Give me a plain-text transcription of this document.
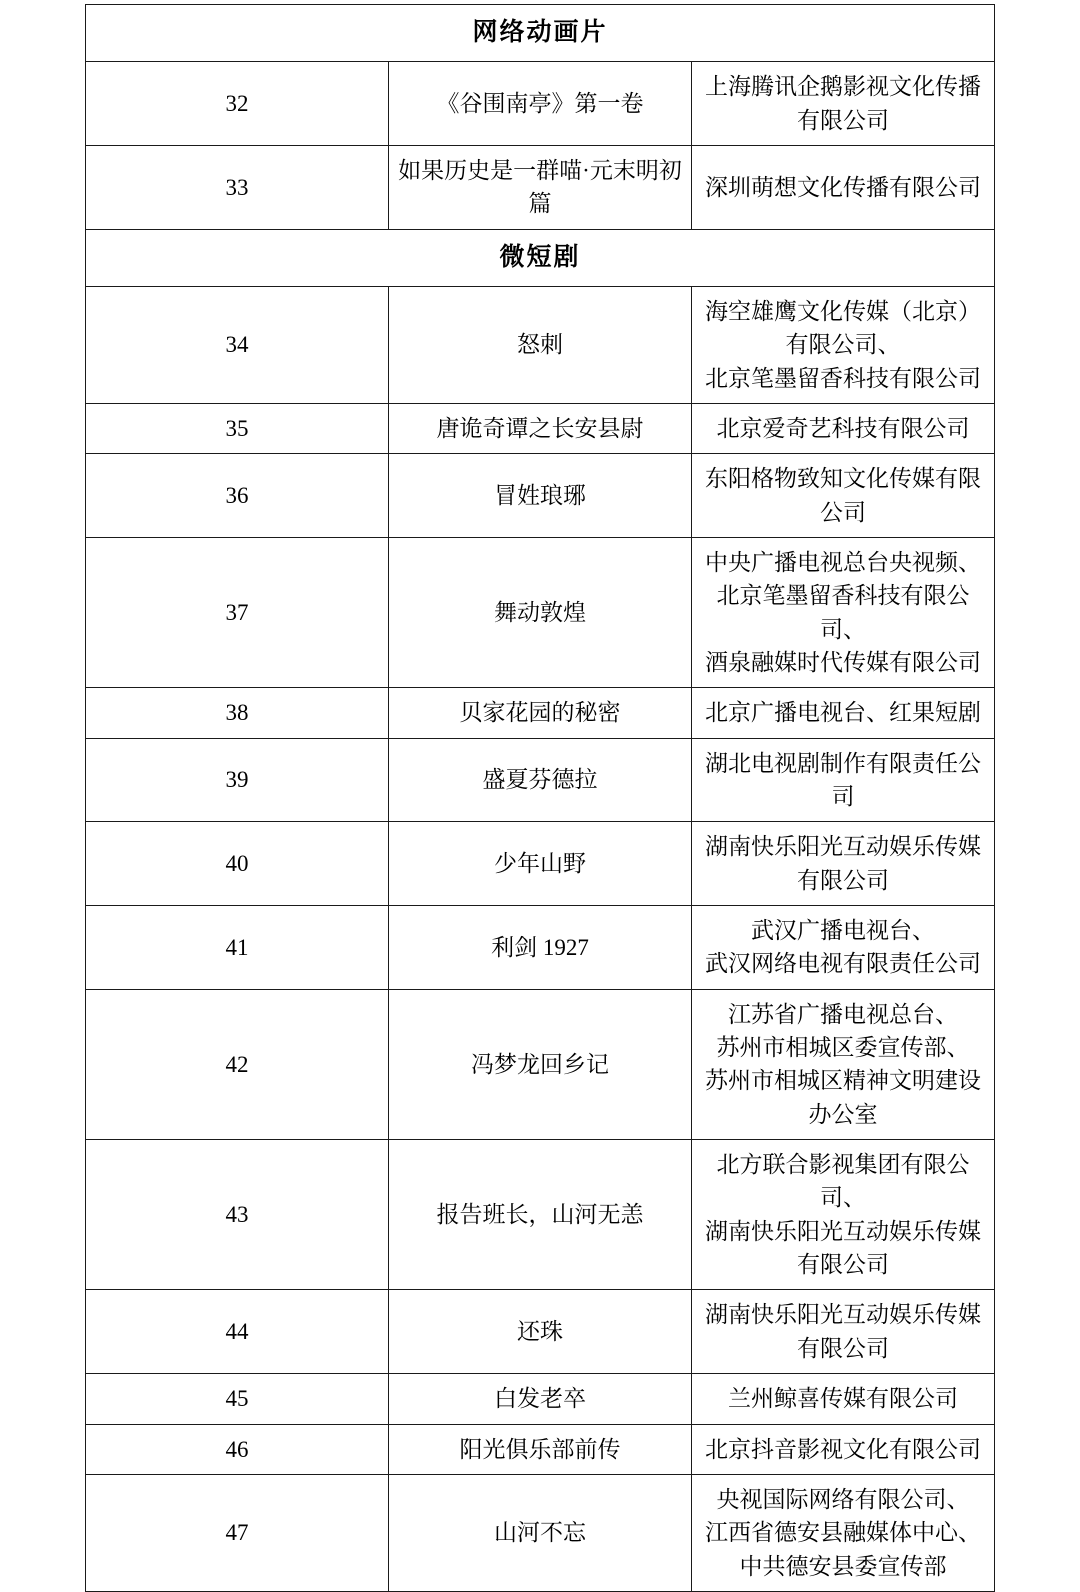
网络动画片		
32	《谷围南亭》第一卷	上海腾讯企鹅影视文化传播有限公司

33	如果历史是一群喵·元末明初篇	深圳萌想文化传播有限公司

微短剧		
34	怒刺	海空雄鹰文化传媒（北京）有限公司、
北京笔墨留香科技有限公司

35	唐诡奇谭之长安县尉	北京爱奇艺科技有限公司

36	冒姓琅琊	东阳格物致知文化传媒有限公司

37	舞动敦煌	中央广播电视总台央视频、
北京笔墨留香科技有限公司、
酒泉融媒时代传媒有限公司

38	贝家花园的秘密	北京广播电视台、红果短剧

39	盛夏芬德拉	湖北电视剧制作有限责任公司

40	少年山野	湖南快乐阳光互动娱乐传媒有限公司

41	利剑 1927	武汉广播电视台、
武汉网络电视有限责任公司

42	冯梦龙回乡记	江苏省广播电视总台、
苏州市相城区委宣传部、
苏州市相城区精神文明建设办公室

43	报告班长，山河无恙	北方联合影视集团有限公司、
湖南快乐阳光互动娱乐传媒有限公司

44	还珠	湖南快乐阳光互动娱乐传媒有限公司

45	白发老卒	兰州鲸喜传媒有限公司

46	阳光俱乐部前传	北京抖音影视文化有限公司

47	山河不忘	央视国际网络有限公司、
江西省德安县融媒体中心、
中共德安县委宣传部
